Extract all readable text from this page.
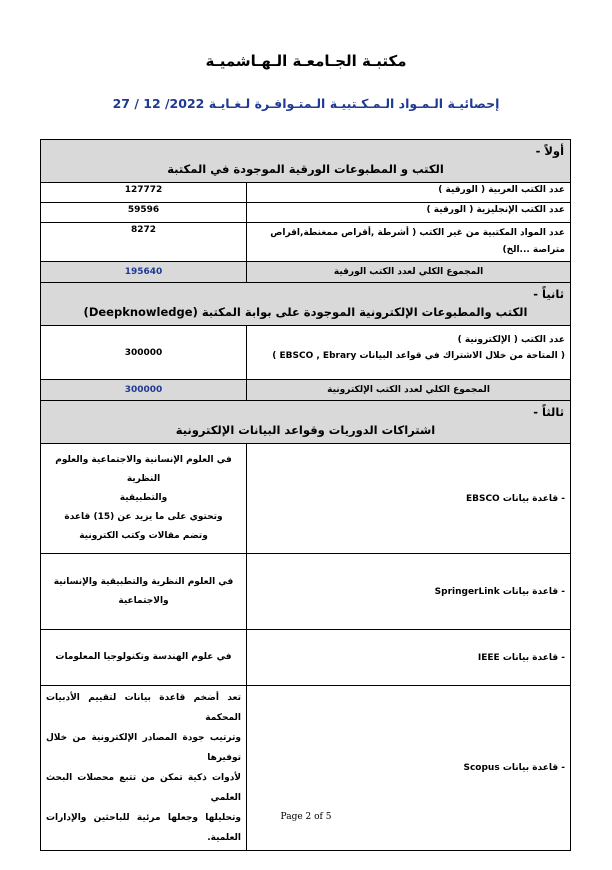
مكتبـة الجـامعـة الـهـاشميـة
إحصائيـة الـمـواد الـمـكـتبيـة الـمتـوافـرة لـغـايـة 27 / 12 /2022
أولاً -
الكتب و المطبوعات الورقية الموجودة في المكتبة	

عدد الكتب العربية ( الورقية )	127772
عدد الكتب الإنجليزية ( الورقية )	59596
عدد المواد المكتبية من غير الكتب ( أشرطة ,أقراص ممغنطة,اقراص متراصة ...الخ)	8272
المجموع الكلي لعدد الكتب الورقية	195640

ثانياً -
الكتب والمطبوعات الإلكترونية الموجودة على بوابة المكتبة (Deepknowledge)	

عدد الكتب ( الإلكترونية )
( المتاحة من خلال الاشتراك في قواعد البيانات EBSCO , Ebrary )	300000
المجموع الكلي لعدد الكتب الإلكترونية	300000

ثالثاً -
اشتراكات الدوريات وقواعد البيانات الإلكترونية	

- قاعدة بيانات EBSCO	في العلوم الإنسانية والاجتماعية والعلوم النظرية
والتطبيقية
وتحتوي على ما يزيد عن (15) قاعدة
وتضم مقالات وكتب الكترونية

- قاعدة بيانات SpringerLink	في العلوم النظرية والتطبيقية والإنسانية
والاجتماعية

- قاعدة بيانات IEEE	في علوم الهندسة وتكنولوجيا المعلومات

- قاعدة بيانات Scopus	تعد أضخم قاعدة بيانات لتقييم الأدبيات المحكمة
وترتيب جودة المصادر الإلكترونية من خلال توفيرها
لأدوات ذكية تمكن من تتبع محصلات البحث العلمي
وتحليلها وجعلها مرئية للباحثين والإدارات العلمية.
Page 2 of 5
